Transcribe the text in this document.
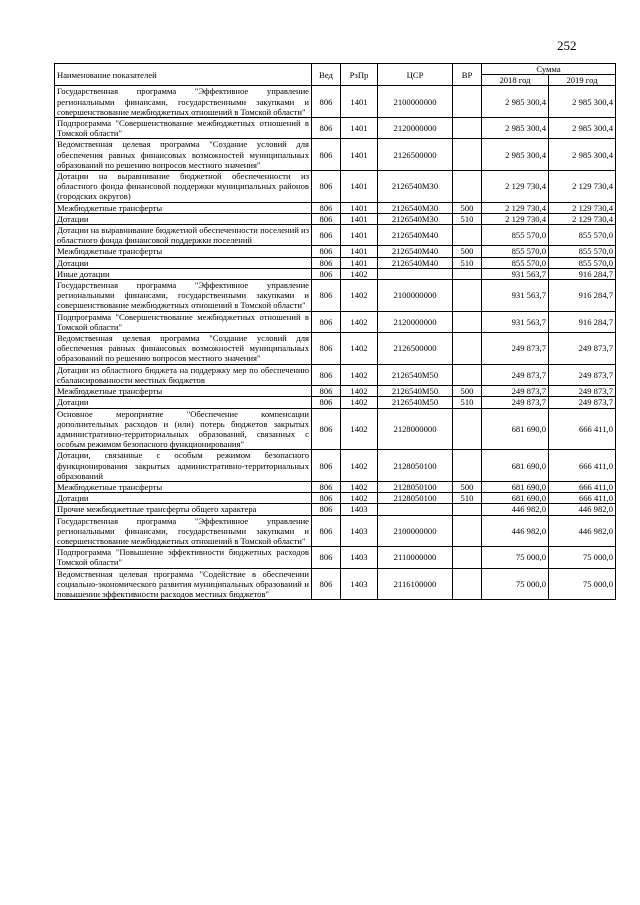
252
Наименование показателей	Вед	РзПр	ЦСР	ВР	Сумма	
					2018 год	2019 год
Государственная программа "Эффективное управление региональными финансами, государственными закупками и совершенствование межбюджетных отношений в Томской области"	806	1401	2100000000		2 985 300,4	2 985 300,4
Подпрограмма "Совершенствование межбюджетных отношений в Томской области"	806	1401	2120000000		2 985 300,4	2 985 300,4
Ведомственная целевая программа "Создание условий для обеспечения равных финансовых возможностей муниципальных образований по решению вопросов местного значения"	806	1401	2126500000		2 985 300,4	2 985 300,4
Дотации на выравнивание бюджетной обеспеченности из областного фонда финансовой поддержки муниципальных районов (городских округов)	806	1401	2126540М30		2 129 730,4	2 129 730,4
Межбюджетные трансферты	806	1401	2126540М30	500	2 129 730,4	2 129 730,4
Дотации	806	1401	2126540М30	510	2 129 730,4	2 129 730,4
Дотации на выравнивание бюджетной обеспеченности поселений из областного фонда финансовой поддержки поселений	806	1401	2126540М40		855 570,0	855 570,0
Межбюджетные трансферты	806	1401	2126540М40	500	855 570,0	855 570,0
Дотации	806	1401	2126540М40	510	855 570,0	855 570,0
Иные дотации	806	1402			931 563,7	916 284,7
Государственная программа "Эффективное управление региональными финансами, государственными закупками и совершенствование межбюджетных отношений в Томской области"	806	1402	2100000000		931 563,7	916 284,7
Подпрограмма "Совершенствование межбюджетных отношений в Томской области"	806	1402	2120000000		931 563,7	916 284,7
Ведомственная целевая программа "Создание условий для обеспечения равных финансовых возможностей муниципальных образований по решению вопросов местного значения"	806	1402	2126500000		249 873,7	249 873,7
Дотации из областного бюджета на поддержку мер по обеспечению сбалансированности местных бюджетов	806	1402	2126540М50		249 873,7	249 873,7
Межбюджетные трансферты	806	1402	2126540М50	500	249 873,7	249 873,7
Дотации	806	1402	2126540М50	510	249 873,7	249 873,7
Основное мероприятие "Обеспечение компенсации дополнительных расходов и (или) потерь бюджетов закрытых административно-территориальных образований, связанных с особым режимом безопасного функционирования"	806	1402	2128000000		681 690,0	666 411,0
Дотации, связанные с особым режимом безопасного функционирования закрытых административно-территориальных образований	806	1402	2128050100		681 690,0	666 411,0
Межбюджетные трансферты	806	1402	2128050100	500	681 690,0	666 411,0
Дотации	806	1402	2128050100	510	681 690,0	666 411,0
Прочие межбюджетные трансферты общего характера	806	1403			446 982,0	446 982,0
Государственная программа "Эффективное управление региональными финансами, государственными закупками и совершенствование межбюджетных отношений в Томской области"	806	1403	2100000000		446 982,0	446 982,0
Подпрограмма "Повышение эффективности бюджетных расходов Томской области"	806	1403	2110000000		75 000,0	75 000,0
Ведомственная целевая программа "Содействие в обеспечении социально-экономического развития муниципальных образований и повышении эффективности расходов местных бюджетов"	806	1403	2116100000		75 000,0	75 000,0
